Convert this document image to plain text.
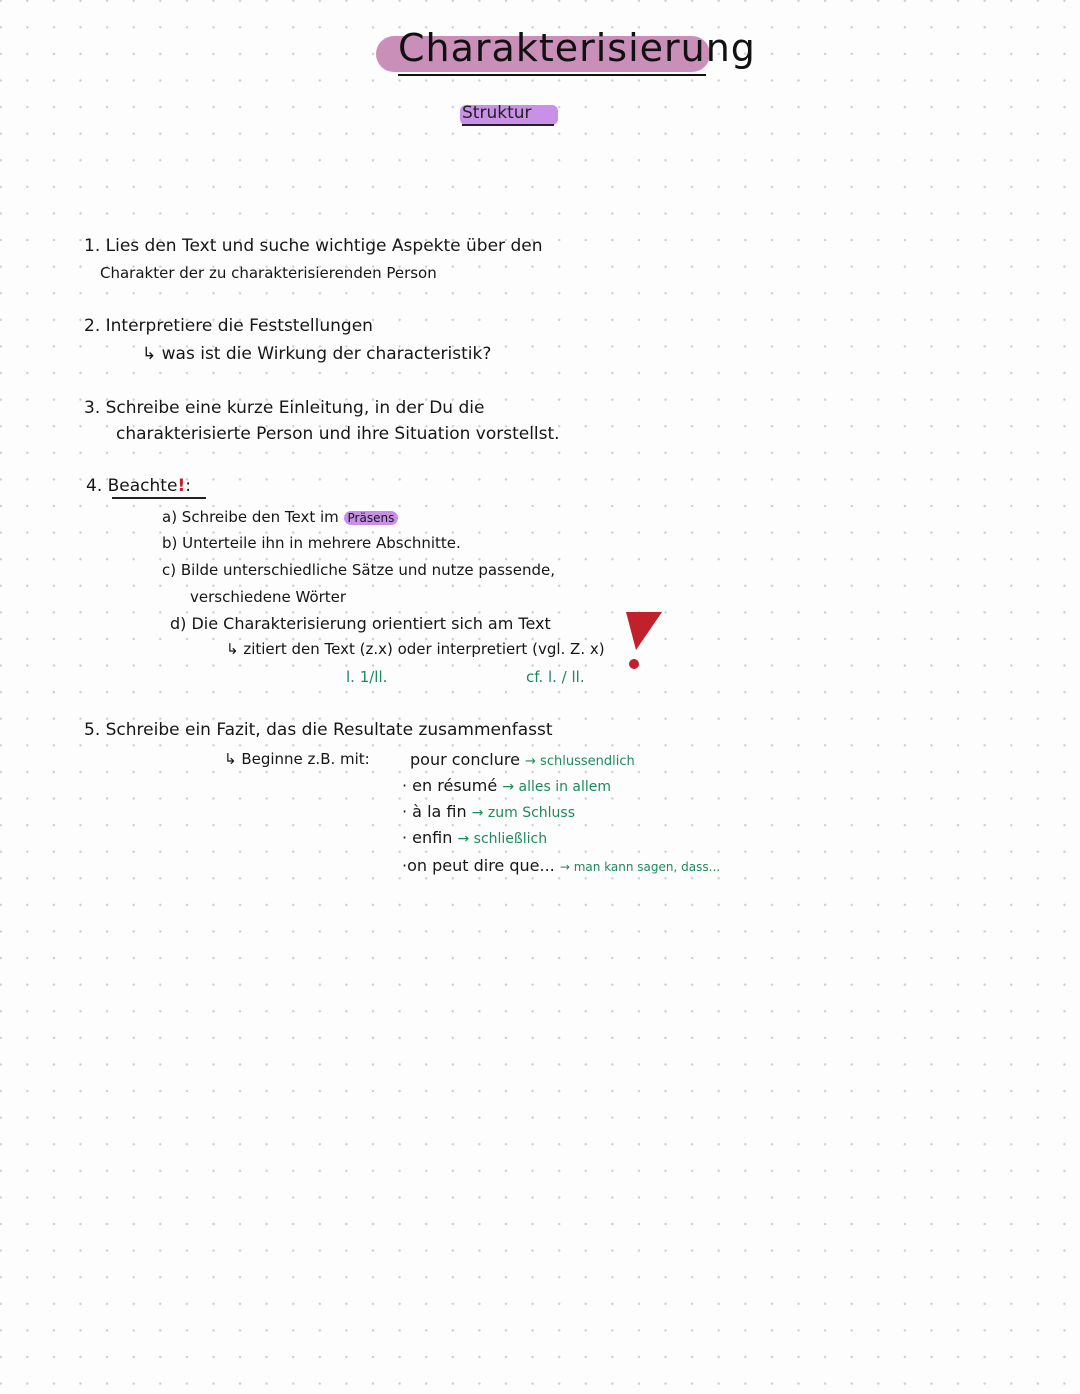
Charakterisierung
Struktur
1. Lies den Text und suche wichtige Aspekte über den
Charakter der zu charakterisierenden Person
2. Interpretiere die Feststellungen
↳ was ist die Wirkung der characteristik?
3. Schreibe eine kurze Einleitung, in der Du die
charakterisierte Person und ihre Situation vorstellst.
4. Beachte!:
a) Schreibe den Text im Präsens
b) Unterteile ihn in mehrere Abschnitte.
c) Bilde unterschiedliche Sätze und nutze passende,
verschiedene Wörter
d) Die Charakterisierung orientiert sich am Text
↳ zitiert den Text (z.x) oder interpretiert (vgl. Z. x)
l. 1/ll.	cf. l. / ll.
5. Schreibe ein Fazit, das die Resultate zusammenfasst
↳ Beginne z.B. mit:	pour conclure → schlussendlich
· en résumé → alles in allem
· à la fin → zum Schluss
· enfin → schließlich
·on peut dire que... → man kann sagen, dass...
